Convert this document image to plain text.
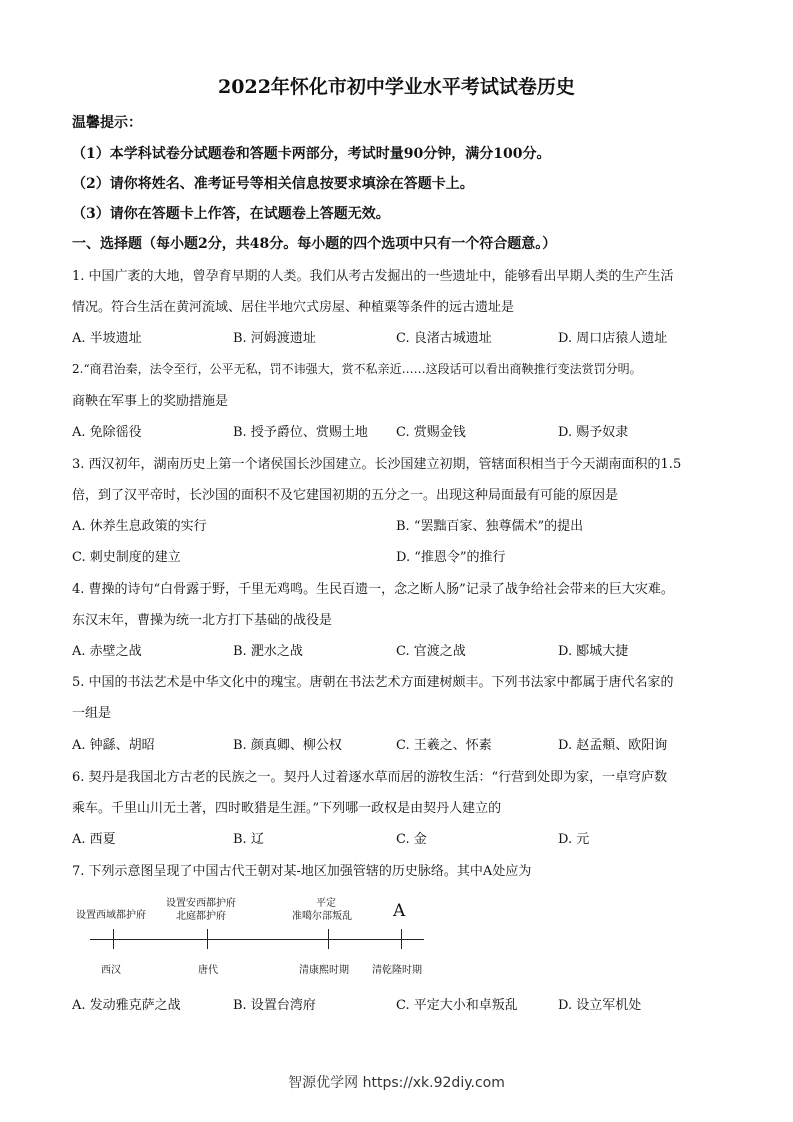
2022年怀化市初中学业水平考试试卷历史
温馨提示：
（1）本学科试卷分试题卷和答题卡两部分，考试时量90分钟，满分100分。
（2）请你将姓名、准考证号等相关信息按要求填涂在答题卡上。
（3）请你在答题卡上作答，在试题卷上答题无效。
一、选择题（每小题2分，共48分。每小题的四个选项中只有一个符合题意。）
1. 中国广袤的大地，曾孕育早期的人类。我们从考古发掘出的一些遗址中，能够看出早期人类的生产生活
情况。符合生活在黄河流域、居住半地穴式房屋、种植粟等条件的远古遗址是
A. 半坡遗址	B. 河姆渡遗址	C. 良渚古城遗址	D. 周口店猿人遗址
2.“商君治秦，法令至行，公平无私，罚不讳强大，赏不私亲近……这段话可以看出商鞅推行变法赏罚分明。
商鞅在军事上的奖励措施是
A. 免除徭役	B. 授予爵位、赏赐土地 C. 赏赐金钱	D. 赐予奴隶
3. 西汉初年，湖南历史上第一个诸侯国长沙国建立。长沙国建立初期，管辖面积相当于今天湖南面积的1.5
倍，到了汉平帝时，长沙国的面积不及它建国初期的五分之一。出现这种局面最有可能的原因是
A. 休养生息政策的实行	B. “罢黜百家、独尊儒术”的提出
C. 刺史制度的建立	D. “推恩令”的推行
4. 曹操的诗句“白骨露于野，千里无鸡鸣。生民百遗一，念之断人肠”记录了战争给社会带来的巨大灾难。
东汉末年，曹操为统一北方打下基础的战役是
A. 赤壁之战	B. 淝水之战	C. 官渡之战	D. 郾城大捷
5. 中国的书法艺术是中华文化中的瑰宝。唐朝在书法艺术方面建树颇丰。下列书法家中都属于唐代名家的
一组是
A. 钟繇、胡昭	B. 颜真卿、柳公权	C. 王羲之、怀素	D. 赵孟頫、欧阳询
6. 契丹是我国北方古老的民族之一。契丹人过着逐水草而居的游牧生活：“行营到处即为家，一卓穹庐数
乘车。千里山川无土著，四时畋猎是生涯。”下列哪一政权是由契丹人建立的
A. 西夏	B. 辽	C. 金	D. 元
7. 下列示意图呈现了中国古代王朝对某-地区加强管辖的历史脉络。其中A处应为
设置西域都护府
设置安西都护府
北庭都护府
平定
准噶尔部叛乱 A
西汉	唐代	清康熙时期 清乾隆时期
A. 发动雅克萨之战	B. 设置台湾府	C. 平定大小和卓叛乱	D. 设立军机处
智源优学网 https://xk.92diy.com
